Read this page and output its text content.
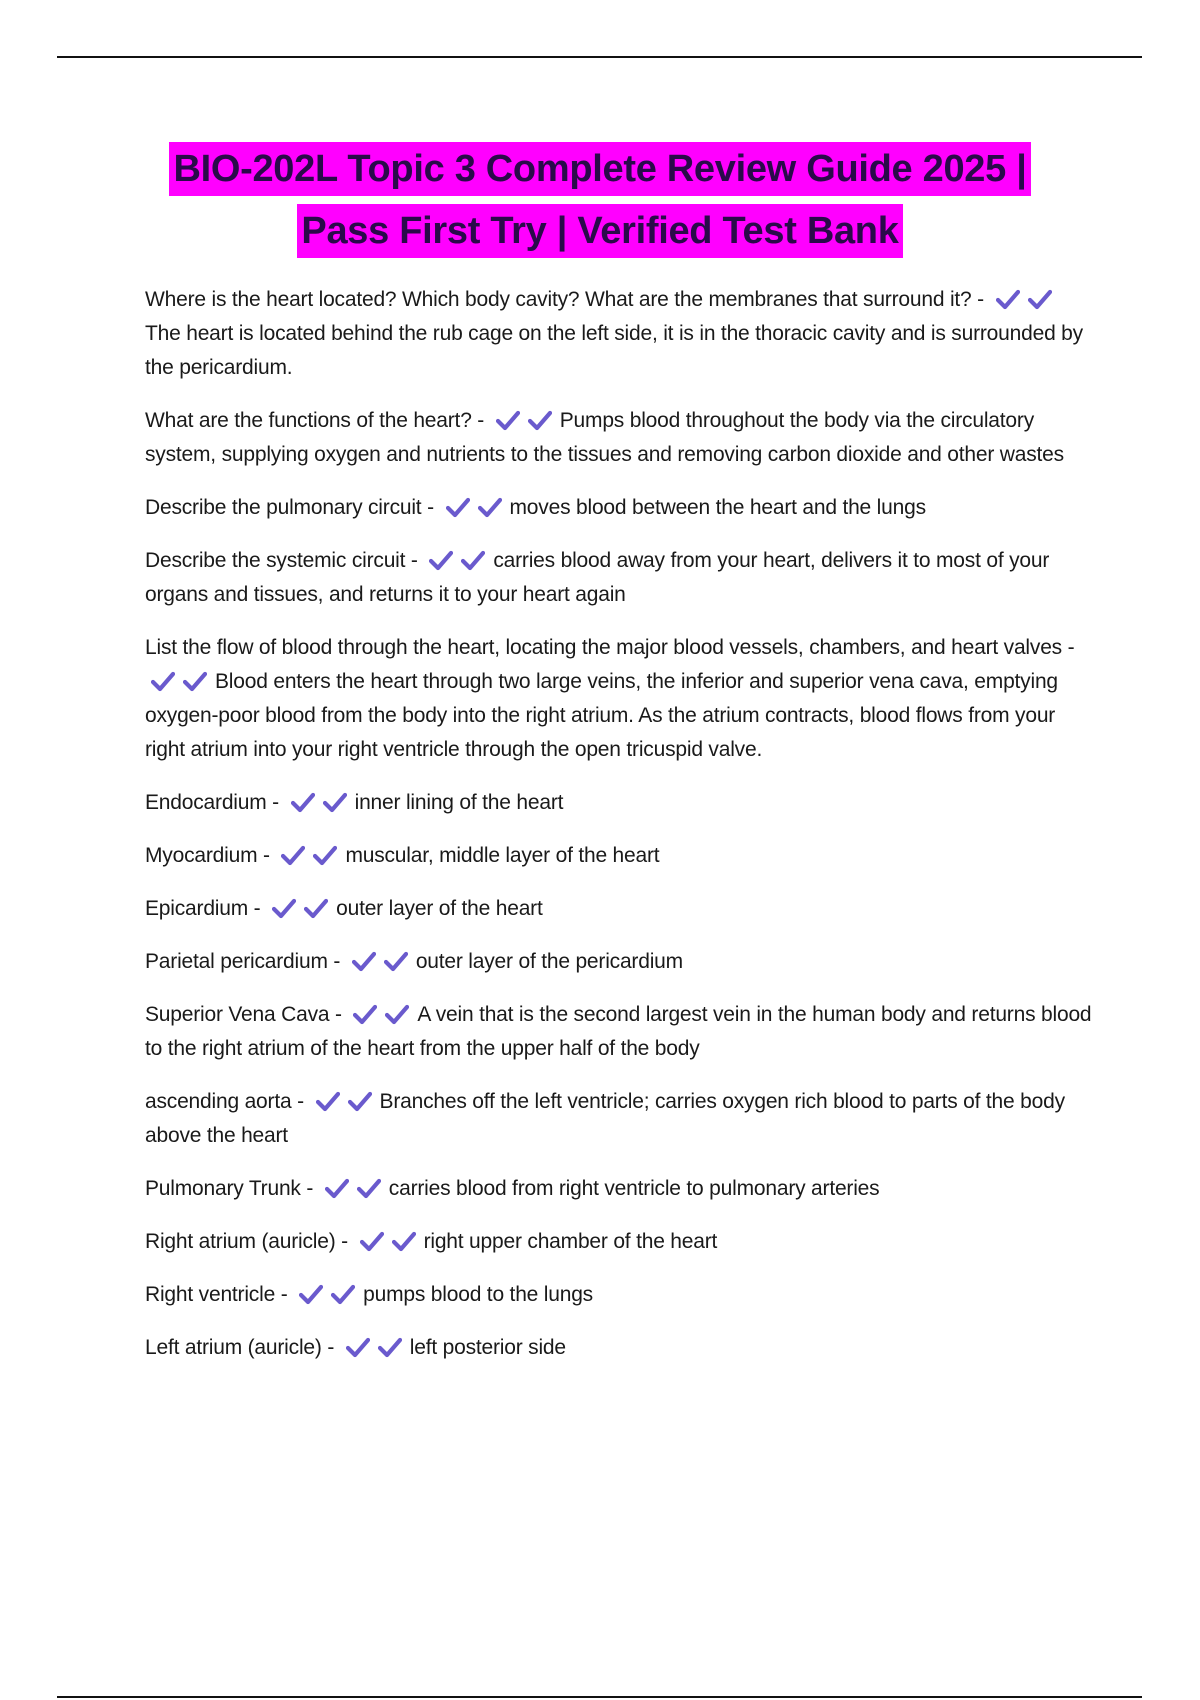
BIO-202L Topic 3 Complete Review Guide 2025 |
Pass First Try | Verified Test Bank

Where is the heart located? Which body cavity? What are the membranes that surround it? -
The heart is located behind the rub cage on the left side, it is in the thoracic cavity and is surrounded by the pericardium.

What are the functions of the heart? -	Pumps blood throughout the body via the circulatory system, supplying oxygen and nutrients to the tissues and removing carbon dioxide and other wastes

Describe the pulmonary circuit -	moves blood between the heart and the lungs

Describe the systemic circuit -	carries blood away from your heart, delivers it to most of your organs and tissues, and returns it to your heart again

List the flow of blood through the heart, locating the major blood vessels, chambers, and heart valves -
Blood enters the heart through two large veins, the inferior and superior vena cava, emptying oxygen-poor blood from the body into the right atrium. As the atrium contracts, blood flows from your right atrium into your right ventricle through the open tricuspid valve.

Endocardium -	inner lining of the heart

Myocardium -	muscular, middle layer of the heart

Epicardium -	outer layer of the heart

Parietal pericardium -	outer layer of the pericardium

Superior Vena Cava -	A vein that is the second largest vein in the human body and returns blood to the right atrium of the heart from the upper half of the body

ascending aorta -	Branches off the left ventricle; carries oxygen rich blood to parts of the body above the heart

Pulmonary Trunk -	carries blood from right ventricle to pulmonary arteries

Right atrium (auricle) -	right upper chamber of the heart

Right ventricle -	pumps blood to the lungs

Left atrium (auricle) -	left posterior side
